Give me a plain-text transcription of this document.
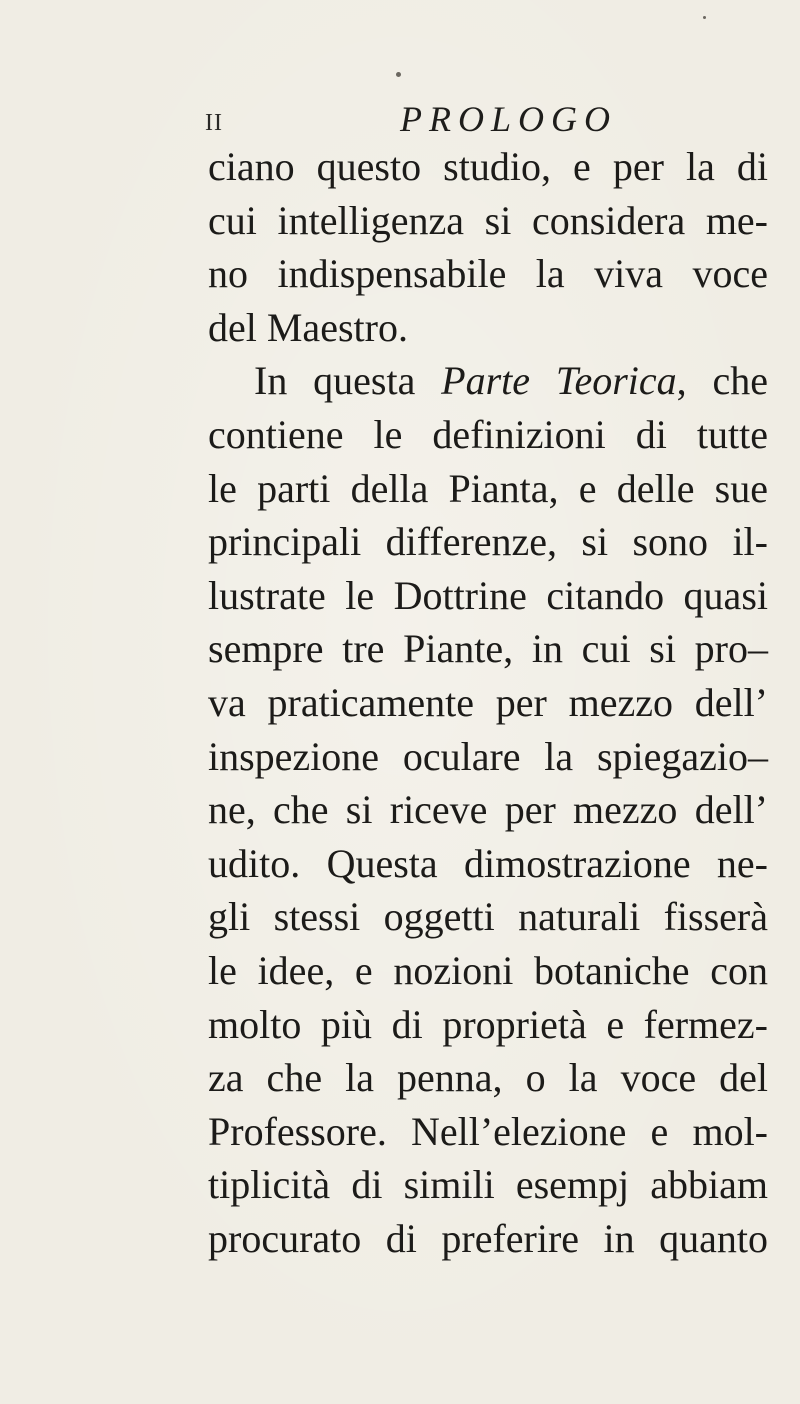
II	PROLOGO
ciano questo studio, e per la di
cui intelligenza si considera me-
no indispensabile la viva voce
del Maestro.
In questa Parte Teorica, che
contiene le definizioni di tutte
le parti della Pianta, e delle sue
principali differenze, si sono il-
lustrate le Dottrine citando quasi
sempre tre Piante, in cui si pro–
va praticamente per mezzo dell’
inspezione oculare la spiegazio–
ne, che si riceve per mezzo dell’
udito. Questa dimostrazione ne-
gli stessi oggetti naturali fisserà
le idee, e nozioni botaniche con
molto più di proprietà e fermez-
za che la penna, o la voce del
Professore. Nell’elezione e mol-
tiplicità di simili esempj abbiam
procurato di preferire in quanto
